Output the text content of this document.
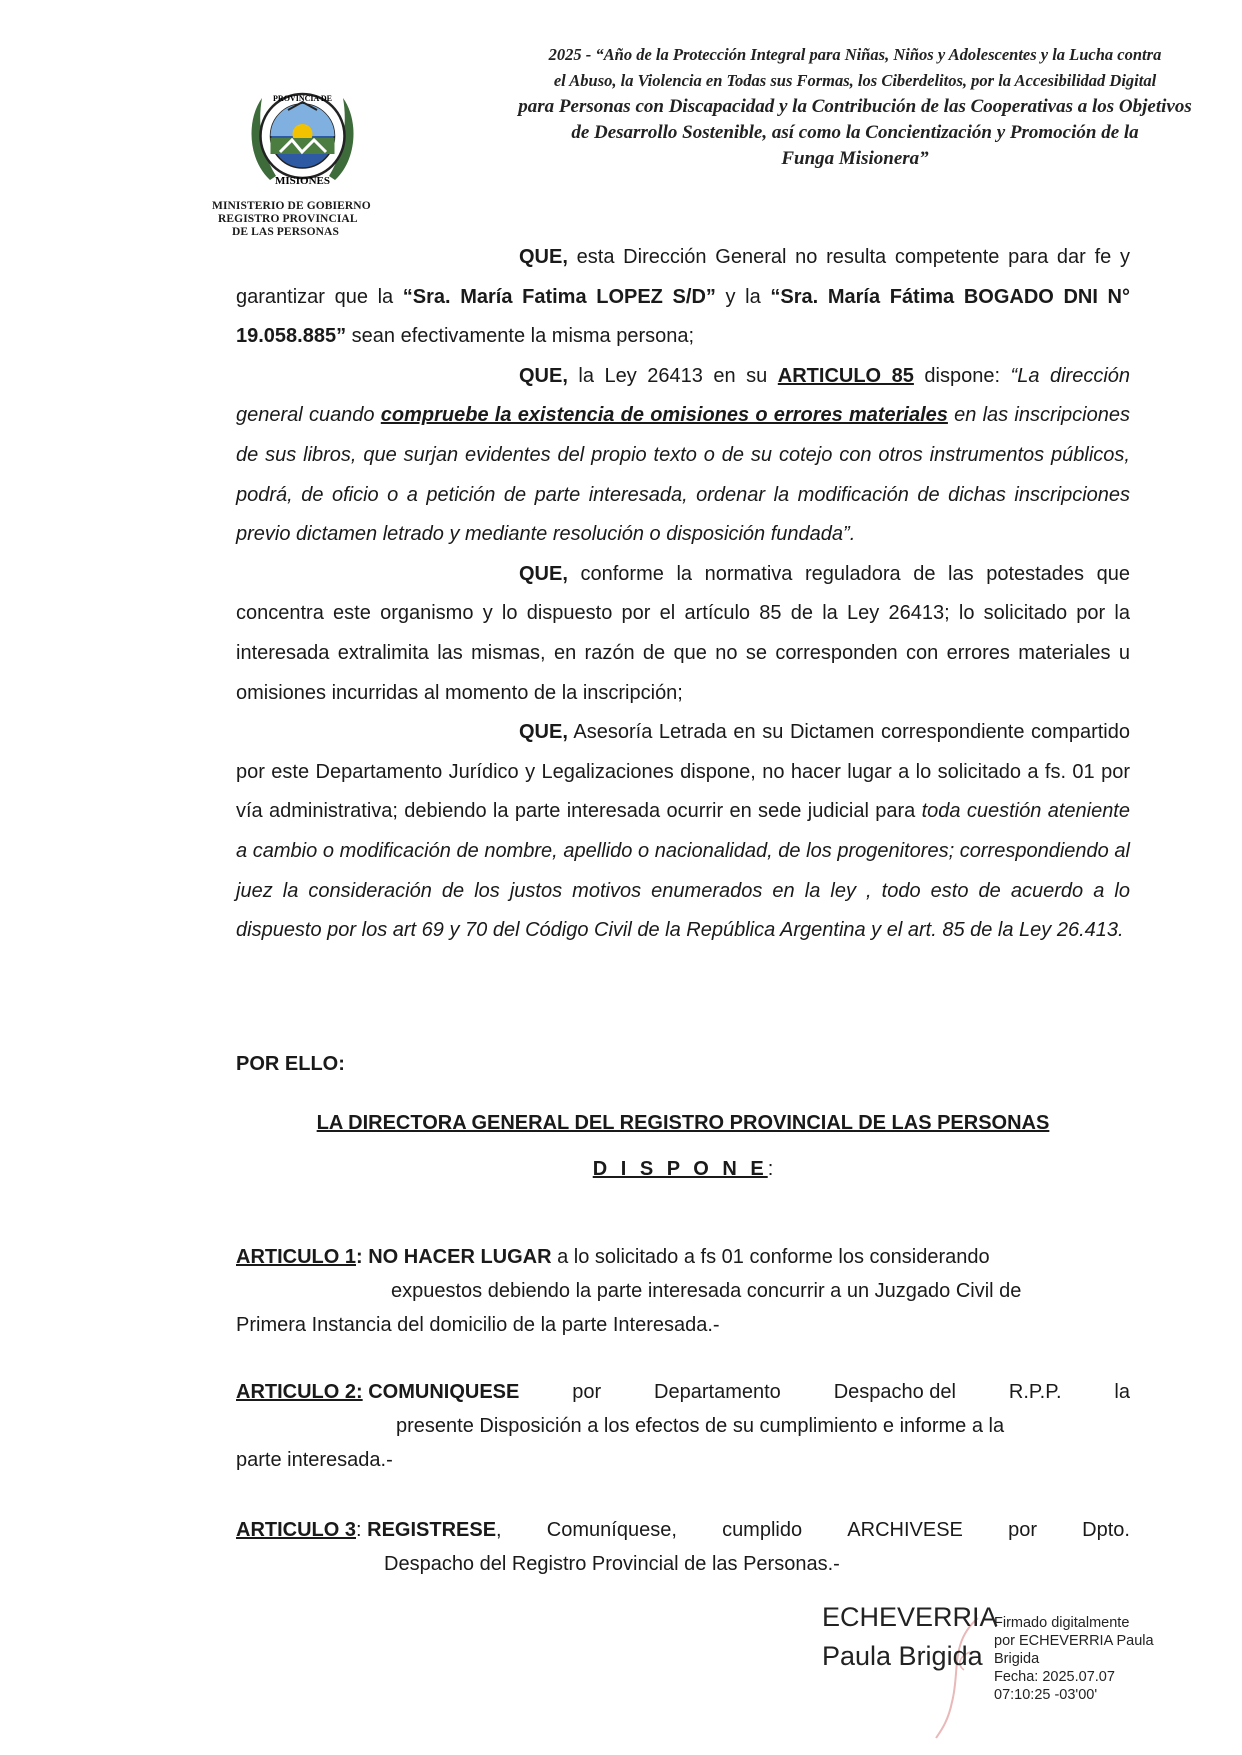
PROVINCIA DE
MISIONES
MINISTERIO DE GOBIERNO
REGISTRO PROVINCIAL
DE LAS PERSONAS
2025 - “Año de la Protección Integral para Niñas, Niños y Adolescentes y la Lucha contra
el Abuso, la Violencia en Todas sus Formas, los Ciberdelitos, por la Accesibilidad Digital
para Personas con Discapacidad y la Contribución de las Cooperativas a los Objetivos
de Desarrollo Sostenible, así como la Concientización y Promoción de la
Funga Misionera”

QUE, esta Dirección General no resulta competente para dar fe y garantizar que la “Sra. María Fatima LOPEZ S/D” y la “Sra. María Fátima BOGADO DNI N° 19.058.885” sean efectivamente la misma persona;

QUE, la Ley 26413 en su ARTICULO 85 dispone: “La dirección general cuando compruebe la existencia de omisiones o errores materiales en las inscripciones de sus libros, que surjan evidentes del propio texto o de su cotejo con otros instrumentos públicos, podrá, de oficio o a petición de parte interesada, ordenar la modificación de dichas inscripciones previo dictamen letrado y mediante resolución o disposición fundada”.

QUE, conforme la normativa reguladora de las potestades que concentra este organismo y lo dispuesto por el artículo 85 de la Ley 26413; lo solicitado por la interesada extralimita las mismas, en razón de que no se corresponden con errores materiales u omisiones incurridas al momento de la inscripción;

QUE, Asesoría Letrada en su Dictamen correspondiente compartido por este Departamento Jurídico y Legalizaciones dispone, no hacer lugar a lo solicitado a fs. 01 por vía administrativa; debiendo la parte interesada ocurrir en sede judicial para toda cuestión ateniente a cambio o modificación de nombre, apellido o nacionalidad, de los progenitores; correspondiendo al juez la consideración de los justos motivos enumerados en la ley , todo esto de acuerdo a lo dispuesto por los art 69 y 70 del Código Civil de la República Argentina y el art. 85 de la Ley 26.413.

POR ELLO:
LA DIRECTORA GENERAL DEL REGISTRO PROVINCIAL DE LAS PERSONAS
D I S P O N E:

ARTICULO 1: NO HACER LUGAR a lo solicitado a fs 01 conforme los considerando

expuestos debiendo la parte interesada concurrir a un Juzgado Civil de

Primera Instancia del domicilio de la parte Interesada.-

ARTICULO 2: COMUNIQUESE	por	Departamento	Despacho del	R.P.P.	la

presente Disposición a los efectos de su cumplimiento e informe a la

parte interesada.-

ARTICULO 3: REGISTRESE, Comuníquese, cumplido ARCHIVESE por Dpto.

Despacho del Registro Provincial de las Personas.-

ECHEVERRIA
Paula Brigida
Firmado digitalmente
por ECHEVERRIA Paula
Brigida
Fecha: 2025.07.07
07:10:25 -03'00'
